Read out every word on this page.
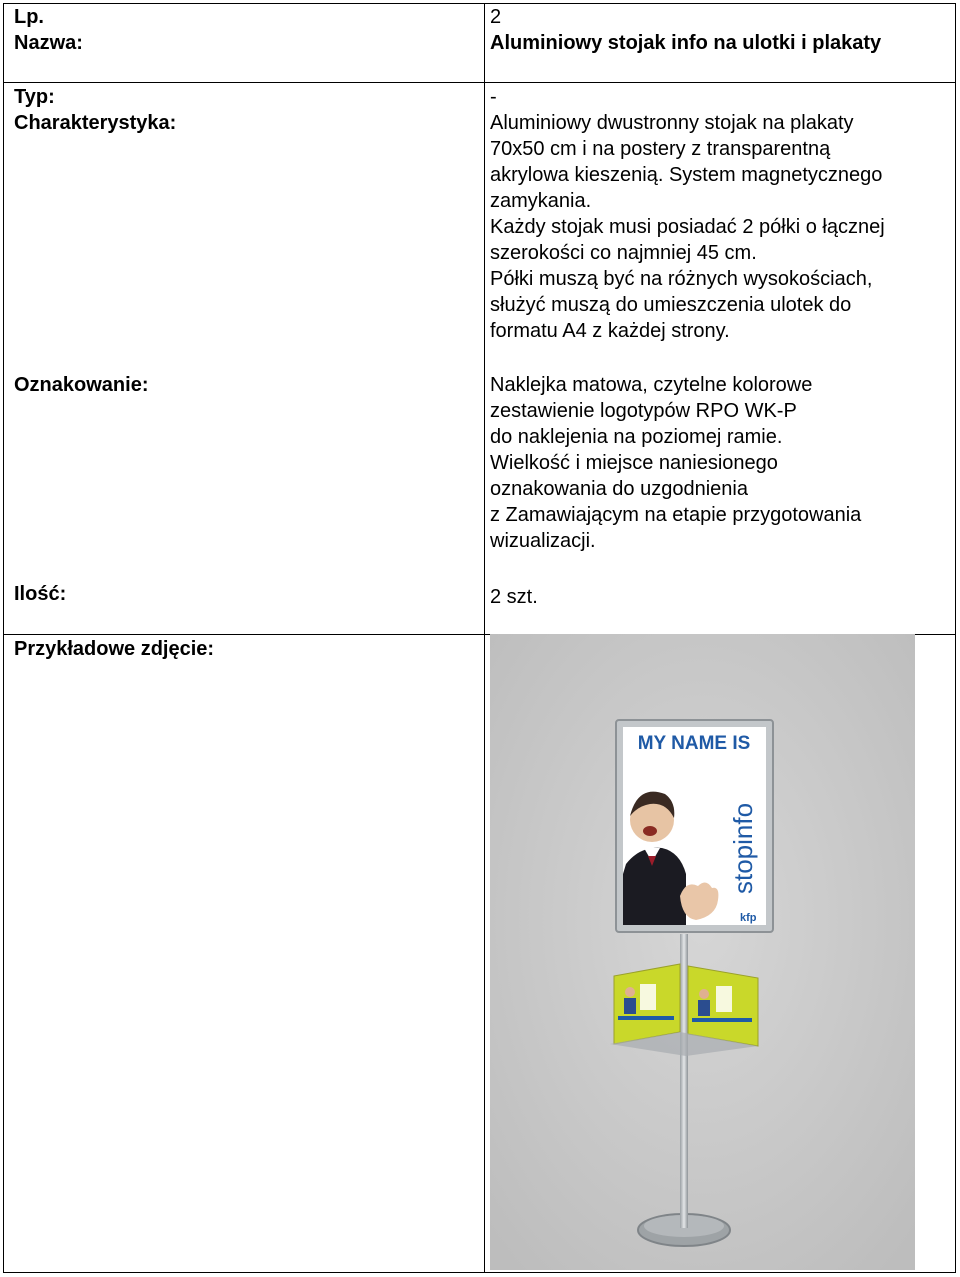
Lp.
Nazwa:
Typ:
Charakterystyka:
Oznakowanie:
Ilość:
Przykładowe zdjęcie:
2
Aluminiowy stojak info na ulotki i plakaty
-
Aluminiowy dwustronny stojak na plakaty
70x50 cm i na postery z transparentną
akrylowa kieszenią. System magnetycznego
zamykania.
Każdy stojak musi posiadać 2 półki o łącznej
szerokości co najmniej 45 cm.
Półki muszą być na różnych wysokościach,
służyć muszą do umieszczenia ulotek do
formatu A4 z każdej strony.
Naklejka matowa, czytelne kolorowe
zestawienie logotypów RPO WK-P
do naklejenia na poziomej ramie.
Wielkość i miejsce naniesionego
oznakowania do uzgodnienia
z Zamawiającym na etapie przygotowania
wizualizacji.
2 szt.
MY NAME IS
stopinfo
kfp
